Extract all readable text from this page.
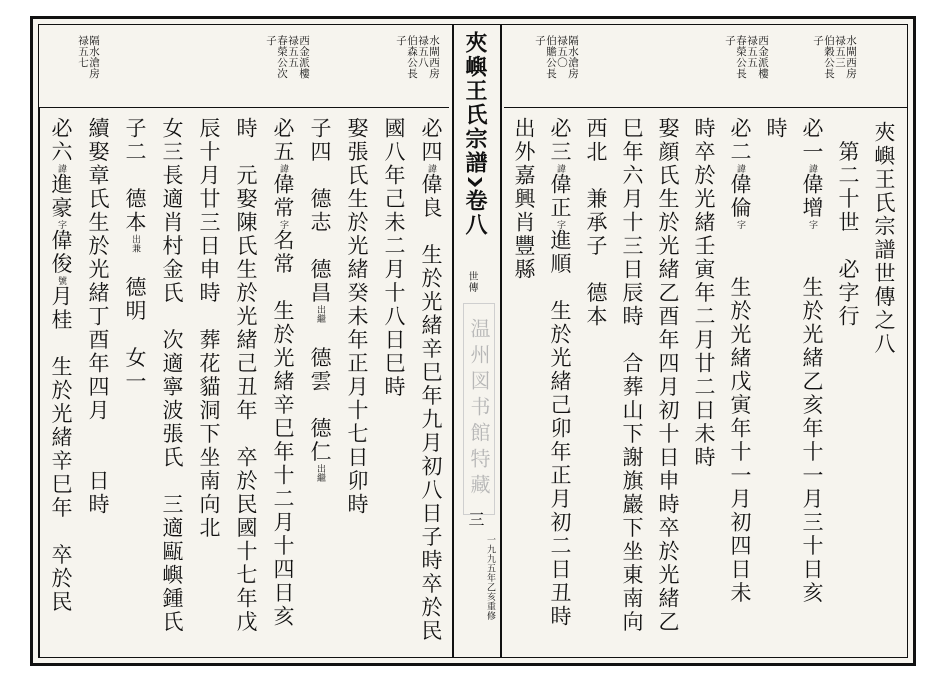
隔水滄房
禄五七	西金派樓
禄五五
春榮公次
子	水閘西房
禄五八
伯森公長
子
必四諱偉良　生於光緒辛巳年九月初八日子時卒於民
國八年己未二月十八日巳時
娶張氏生於光緒癸未年正月十七日卯時
子四　德志　德昌出繼　德雲　德仁出繼
必五諱偉常字名常　生於光緒辛巳年十二月十四日亥
時　元娶陳氏生於光緒己丑年　卒於民國十七年戊
辰十月廿三日申時　葬花貓洞下坐南向北
女三長適肖村金氏　次適寧波張氏　三適甌嶼鍾氏
子二　德本出兼　德明　女一
續娶章氏生於光緒丁酉年四月　　日時
必六諱進豪字偉俊號月桂　生於光緒辛巳年　卒於民
夾嶼王氏宗譜卷八
世傳
温州図书館特藏
三
一九九五年乙亥重修
隔水滄房
禄五〇
伯贍公長
子	西金派樓
禄五五
春榮公長
子	水閘西房
禄五三
伯穀公長
子
夾嶼王氏宗譜世傳之八
　第二十世　必字行
必一諱偉增字　　生於光緒乙亥年十一月三十日亥
時
必二諱偉倫字　　生於光緒戊寅年十一月初四日未
時卒於光緒壬寅年二月廿二日未時
娶顔氏生於光緒乙酉年四月初十日申時卒於光緒乙
巳年六月十三日辰時　合葬山下謝旗巖下坐東南向
西北　兼承子　德本
必三諱偉正字進順　生於光緒己卯年正月初二日丑時
出外嘉興肖豐縣
